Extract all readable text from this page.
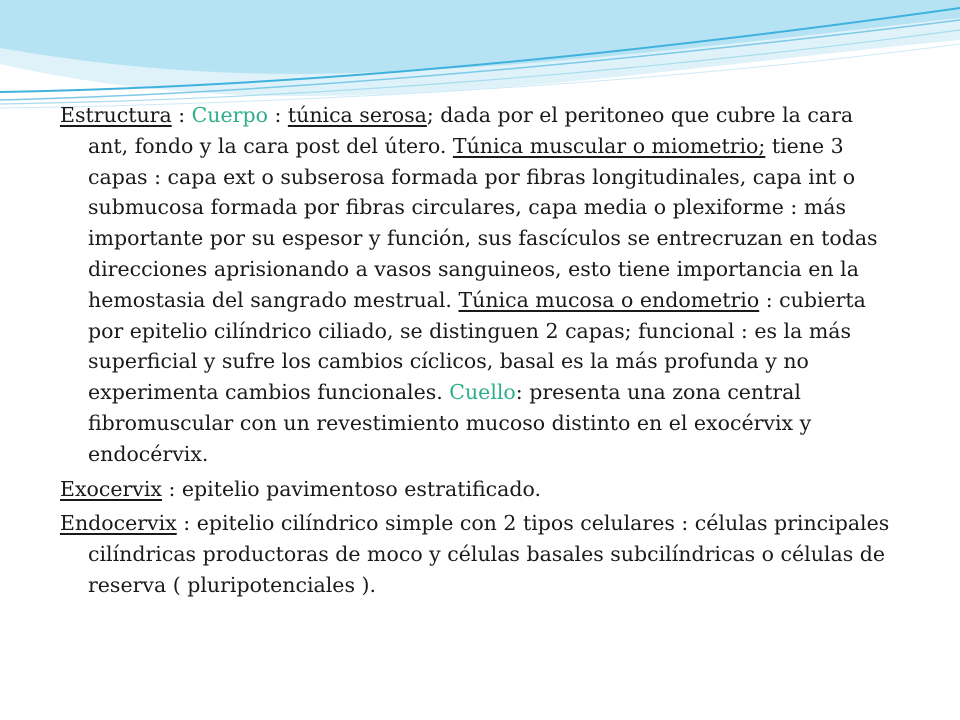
Estructura : Cuerpo : túnica serosa; dada por el peritoneo que cubre la cara ant, fondo y la cara post del útero. Túnica muscular o miometrio; tiene 3 capas : capa ext o subserosa formada por fibras longitudinales, capa int o submucosa formada por fibras circulares, capa media o plexiforme : más importante por su espesor y función, sus fascículos se entrecruzan en todas direcciones aprisionando a vasos sanguineos, esto tiene importancia en la hemostasia del sangrado mestrual. Túnica mucosa o endometrio : cubierta por epitelio cilíndrico ciliado, se distinguen 2 capas; funcional : es la más superficial y sufre los cambios cíclicos, basal es la más profunda y no experimenta cambios funcionales. Cuello: presenta una zona central fibromuscular con un revestimiento mucoso distinto en el exocérvix y endocérvix.

Exocervix : epitelio pavimentoso estratificado.

Endocervix : epitelio cilíndrico simple con 2 tipos celulares : células principales cilíndricas productoras de moco y células basales subcilíndricas o células de reserva ( pluripotenciales ).
